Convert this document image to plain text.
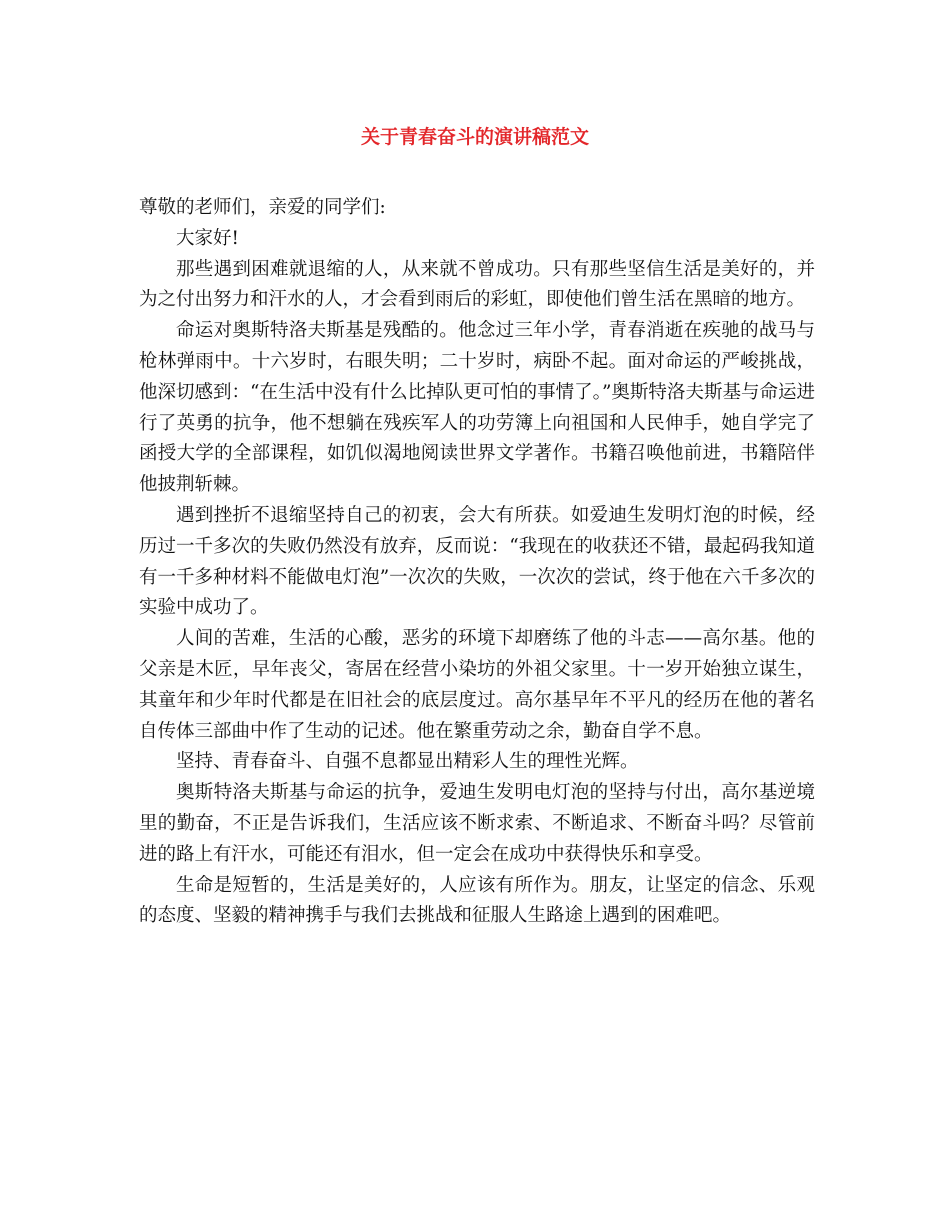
关于青春奋斗的演讲稿范文

尊敬的老师们，亲爱的同学们:

大家好!

那些遇到困难就退缩的人，从来就不曾成功。只有那些坚信生活是美好的，并为之付出努力和汗水的人，才会看到雨后的彩虹，即使他们曾生活在黑暗的地方。

命运对奥斯特洛夫斯基是残酷的。他念过三年小学，青春消逝在疾驰的战马与枪林弹雨中。十六岁时，右眼失明；二十岁时，病卧不起。面对命运的严峻挑战，他深切感到：“在生活中没有什么比掉队更可怕的事情了。”奥斯特洛夫斯基与命运进行了英勇的抗争，他不想躺在残疾军人的功劳簿上向祖国和人民伸手，她自学完了函授大学的全部课程，如饥似渴地阅读世界文学著作。书籍召唤他前进，书籍陪伴他披荆斩棘。

遇到挫折不退缩坚持自己的初衷，会大有所获。如爱迪生发明灯泡的时候，经历过一千多次的失败仍然没有放弃，反而说：“我现在的收获还不错，最起码我知道有一千多种材料不能做电灯泡”一次次的失败，一次次的尝试，终于他在六千多次的实验中成功了。

人间的苦难，生活的心酸，恶劣的环境下却磨练了他的斗志——高尔基。他的父亲是木匠，早年丧父，寄居在经营小染坊的外祖父家里。十一岁开始独立谋生，其童年和少年时代都是在旧社会的底层度过。高尔基早年不平凡的经历在他的著名自传体三部曲中作了生动的记述。他在繁重劳动之余，勤奋自学不息。

坚持、青春奋斗、自强不息都显出精彩人生的理性光辉。

奥斯特洛夫斯基与命运的抗争，爱迪生发明电灯泡的坚持与付出，高尔基逆境里的勤奋，不正是告诉我们，生活应该不断求索、不断追求、不断奋斗吗？尽管前进的路上有汗水，可能还有泪水，但一定会在成功中获得快乐和享受。

生命是短暂的，生活是美好的，人应该有所作为。朋友，让坚定的信念、乐观的态度、坚毅的精神携手与我们去挑战和征服人生路途上遇到的困难吧。
